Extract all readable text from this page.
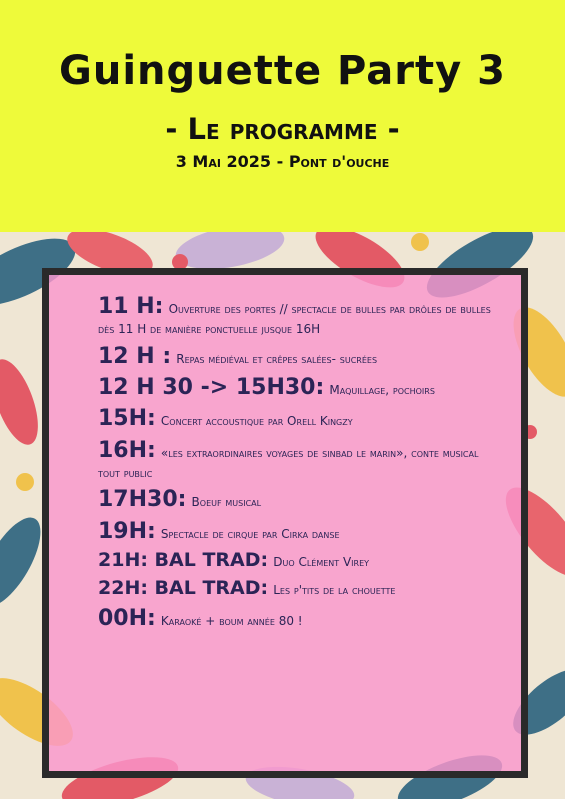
Guinguette Party 3
- Le programme -
3 Mai 2025 - Pont d'ouche
11 H: Ouverture des portes // spectacle de bulles par drôles de bulles dès 11 H de manière ponctuelle jusque 16H
12 H : Repas médiéval et crêpes salées- sucrées
12 H 30 -> 15H30: Maquillage, pochoirs
15H: Concert accoustique par Orell Kingzy
16H: «les extraordinaires voyages de sinbad le marin», conte musical tout public
17H30: Boeuf musical
19H: Spectacle de cirque par Cirka danse
21H: BAL TRAD: Duo Clément Virey
22H: BAL TRAD: Les p'tits de la chouette
00H: Karaoké + boum année 80 !
